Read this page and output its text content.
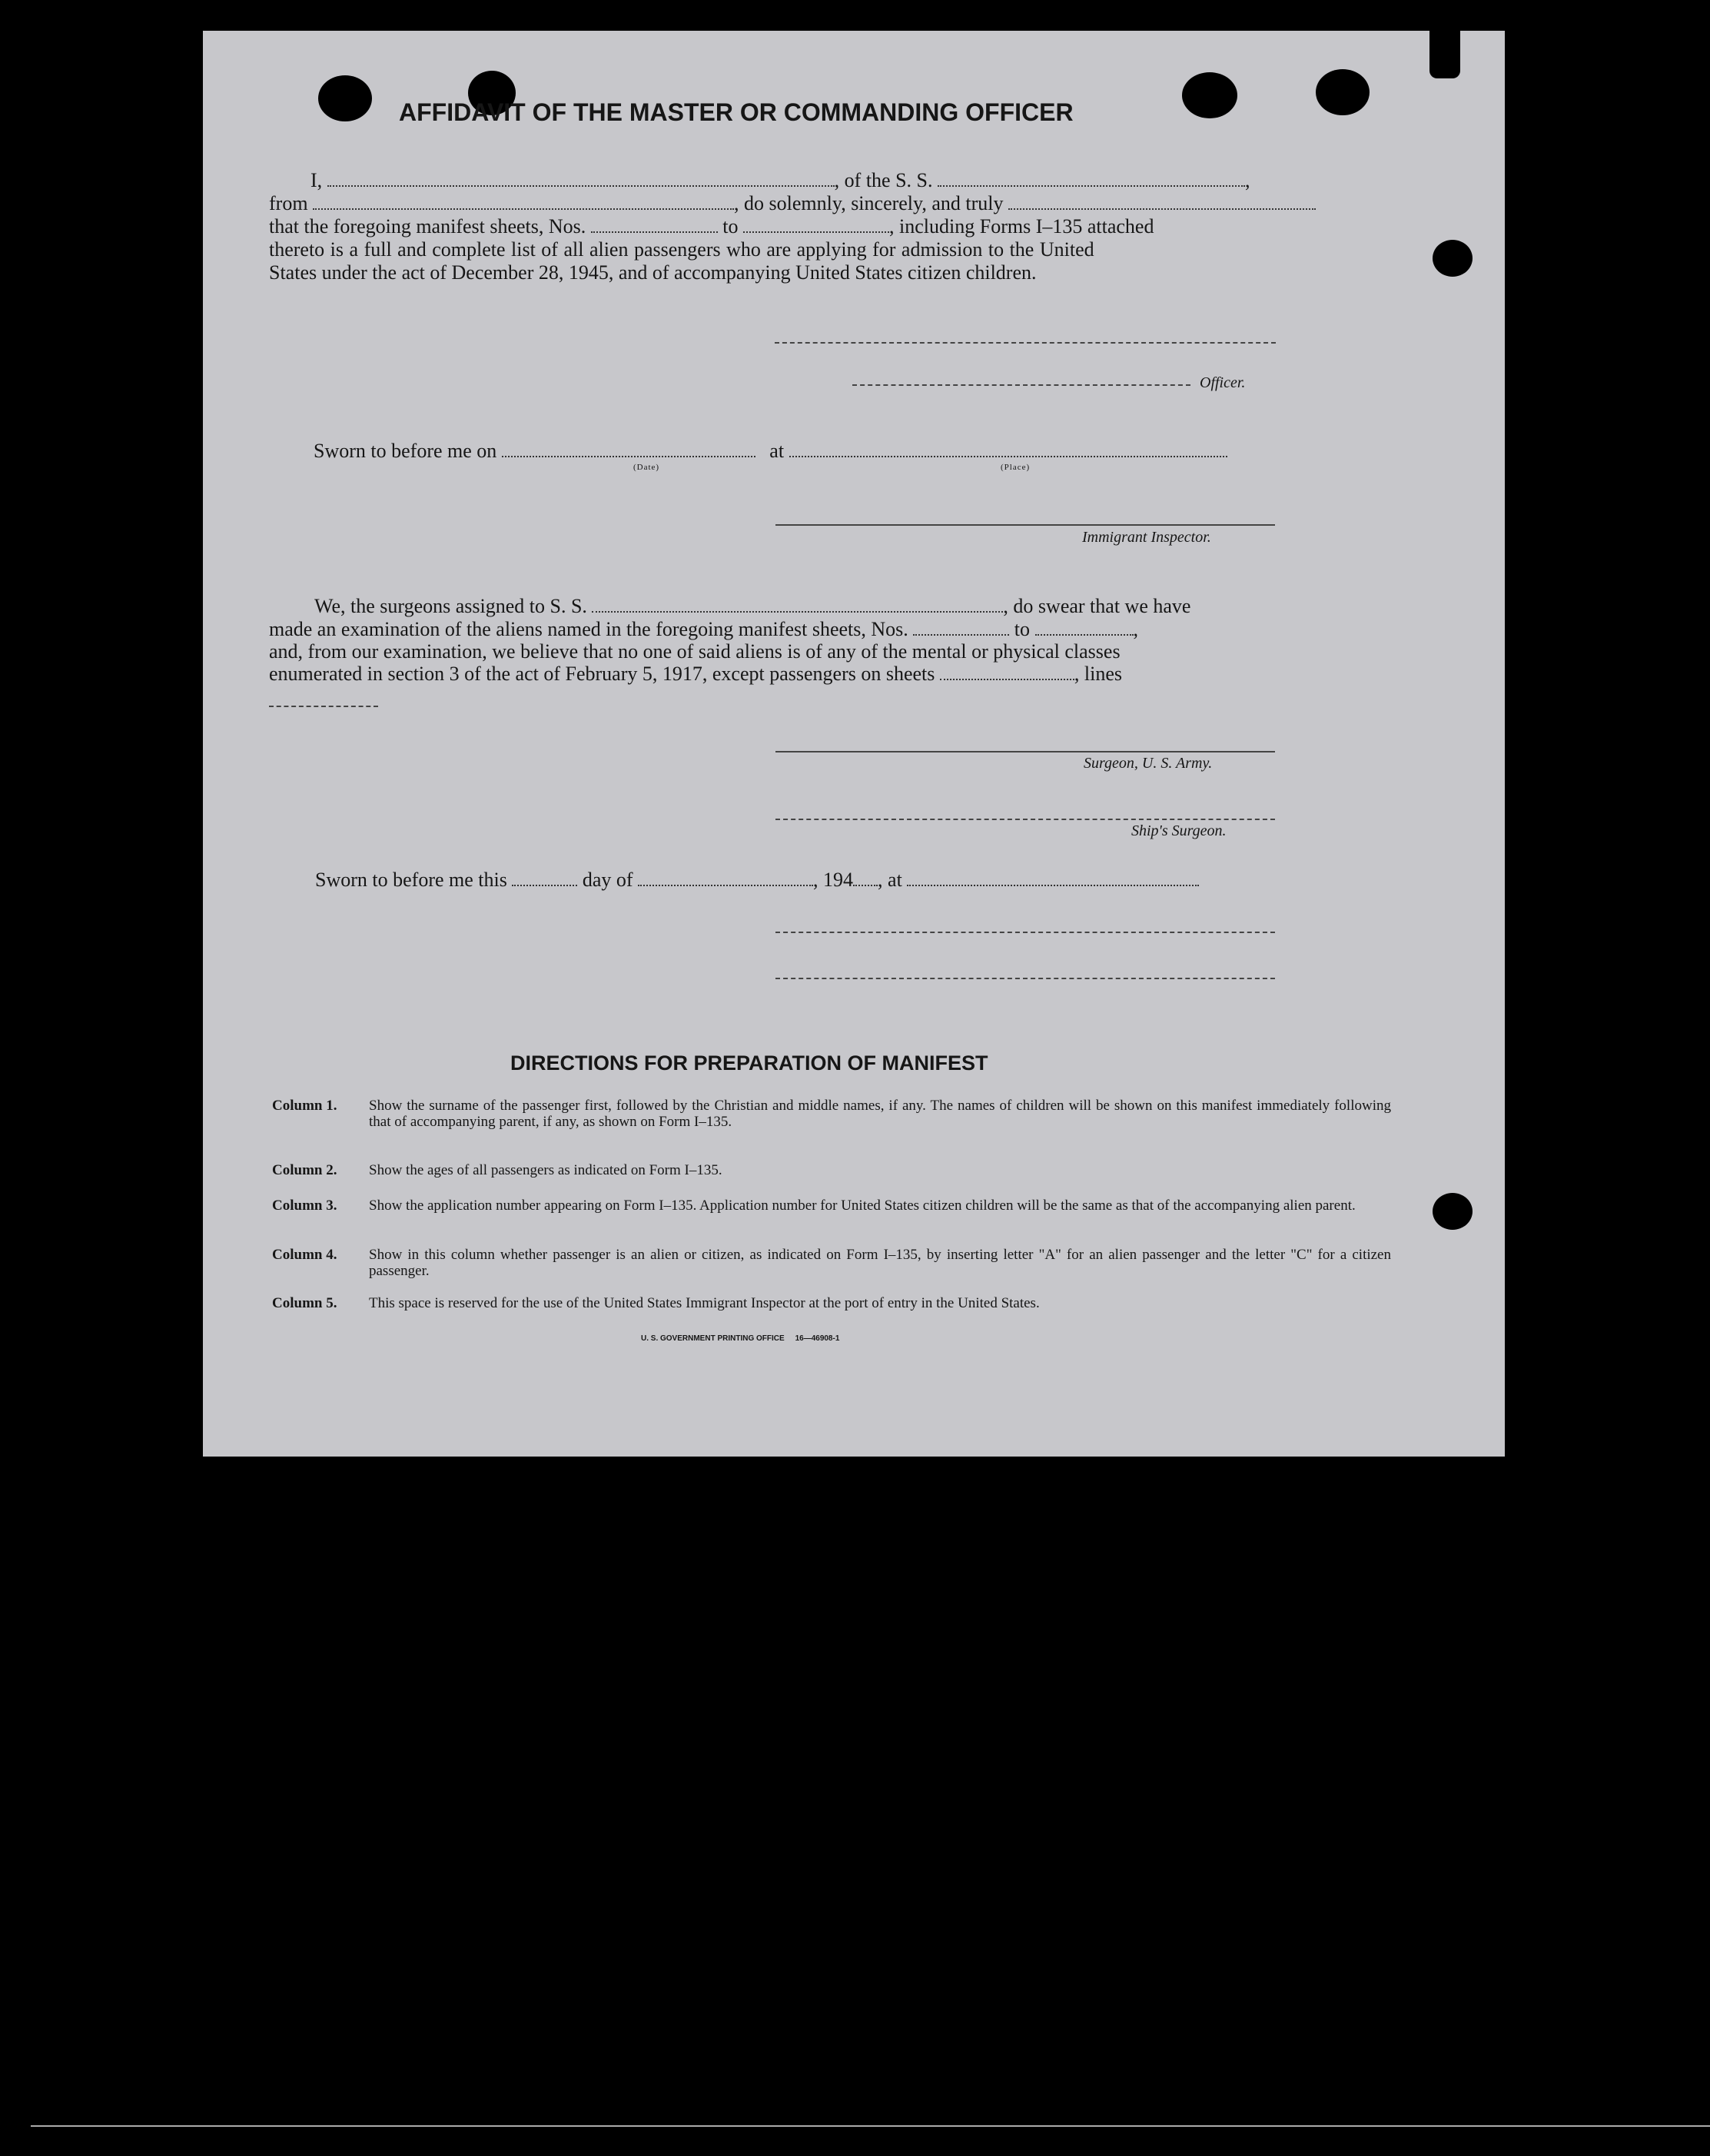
AFFIDAVIT OF THE MASTER OR COMMANDING OFFICER
I,	, of the S. S.	,
from	, do solemnly, sincerely, and truly
that the foregoing manifest sheets, Nos.	to	, including Forms I–135 attached
thereto is a full and complete list of all alien passengers who are applying for admission to the United
States under the act of December 28, 1945, and of accompanying United States citizen children.
Officer.
Sworn to before me on	at
(Date)	(Place)
Immigrant Inspector.
We, the surgeons assigned to S. S.	, do swear that we have
made an examination of the aliens named in the foregoing manifest sheets, Nos.	to	,
and, from our examination, we believe that no one of said aliens is of any of the mental or physical classes
enumerated in section 3 of the act of February 5, 1917, except passengers on sheets	, lines
Surgeon, U. S. Army.
Ship's Surgeon.
Sworn to before me this	day of	, 194 , at
DIRECTIONS FOR PREPARATION OF MANIFEST
Column 1. Show the surname of the passenger first, followed by the Christian and middle names, if any. The names of children will be shown on this manifest immediately following that of accompanying parent, if any, as shown on Form I–135.
Column 2. Show the ages of all passengers as indicated on Form I–135.
Column 3. Show the application number appearing on Form I–135. Application number for United States citizen children will be the same as that of the accompanying alien parent.
Column 4. Show in this column whether passenger is an alien or citizen, as indicated on Form I–135, by inserting letter "A" for an alien passenger and the letter "C" for a citizen passenger.
Column 5. This space is reserved for the use of the United States Immigrant Inspector at the port of entry in the United States.
U. S. GOVERNMENT PRINTING OFFICE     16—46908-1
